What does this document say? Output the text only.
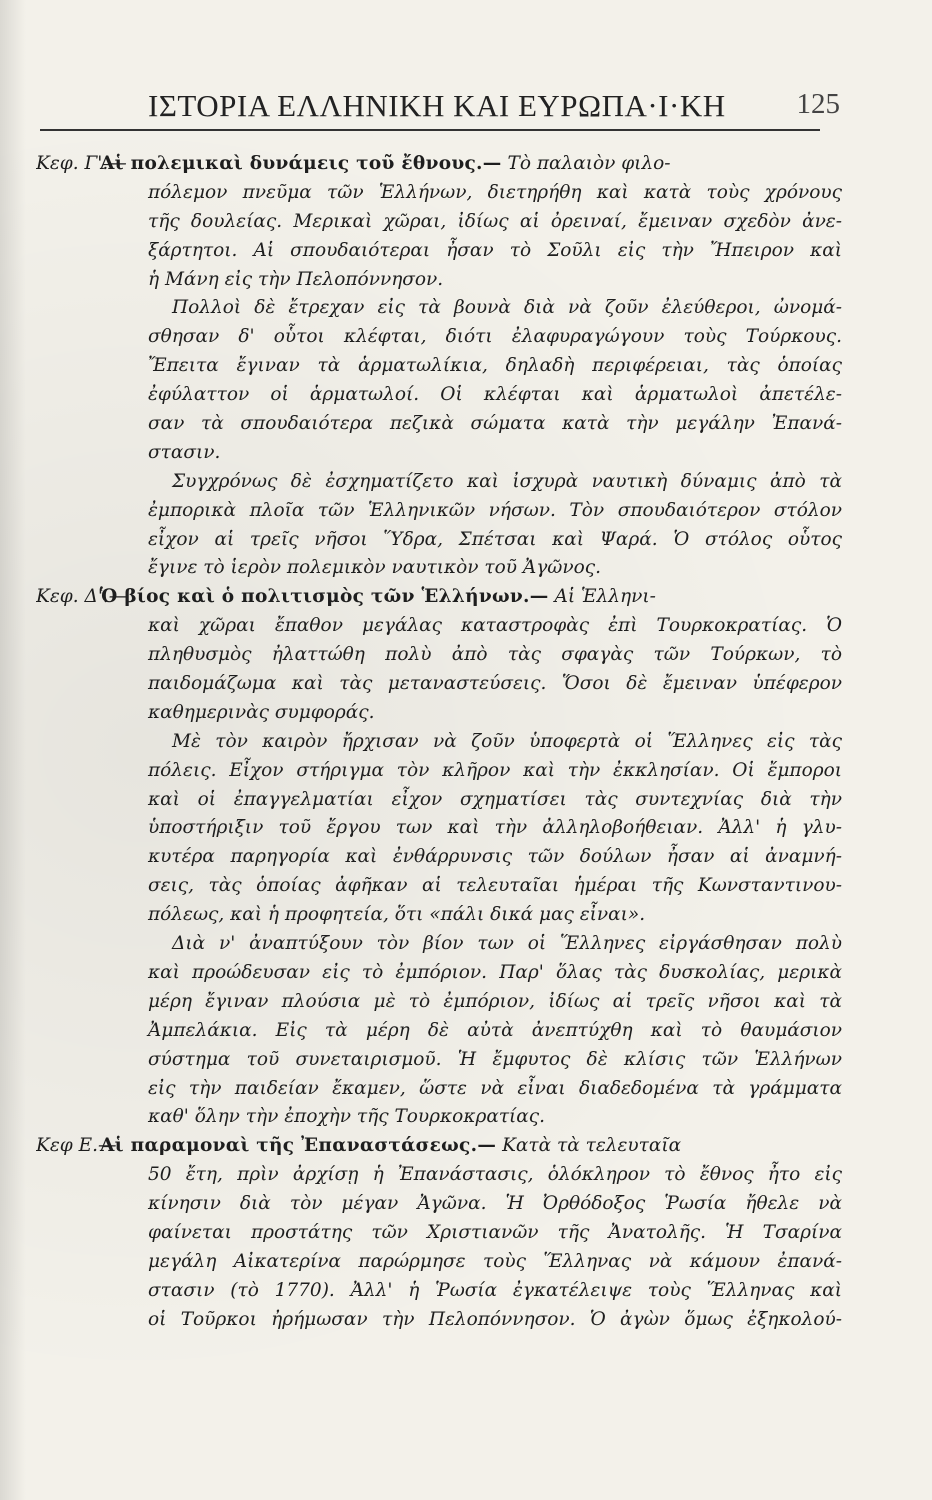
ΙΣΤΟΡΙΑ ΕΛΛΗΝΙΚΗ ΚΑΙ ΕΥΡΩΠΑ·Ι·ΚΗ 125
Κεφ. Γ'.—Αἱ πολεμικαὶ δυνάμεις τοῦ ἔθνους.— Τὸ παλαιὸν φιλο-
πόλεμον πνεῦμα τῶν Ἑλλήνων, διετηρήθη καὶ κατὰ τοὺς χρόνους
τῆς δουλείας. Μερικαὶ χῶραι, ἰδίως αἱ ὀρειναί, ἔμειναν σχεδὸν ἀνε-
ξάρτητοι. Αἱ σπουδαιότεραι ἦσαν τὸ Σοῦλι εἰς τὴν Ἤπειρον καὶ
ἡ Μάνη εἰς τὴν Πελοπόννησον.
Πολλοὶ δὲ ἔτρεχαν εἰς τὰ βουνὰ διὰ νὰ ζοῦν ἐλεύθεροι, ὠνομά-
σθησαν δ' οὗτοι κλέφται, διότι ἐλαφυραγώγουν τοὺς Τούρκους.
Ἔπειτα ἔγιναν τὰ ἁρματωλίκια, δηλαδὴ περιφέρειαι, τὰς ὁποίας
ἐφύλαττον οἱ ἁρματωλοί. Οἱ κλέφται καὶ ἁρματωλοὶ ἀπετέλε-
σαν τὰ σπουδαιότερα πεζικὰ σώματα κατὰ τὴν μεγάλην Ἐπανά-
στασιν.
Συγχρόνως δὲ ἐσχηματίζετο καὶ ἰσχυρὰ ναυτικὴ δύναμις ἀπὸ τὰ
ἐμπορικὰ πλοῖα τῶν Ἑλληνικῶν νήσων. Τὸν σπουδαιότερον στόλον
εἶχον αἱ τρεῖς νῆσοι Ὕδρα, Σπέτσαι καὶ Ψαρά. Ὁ στόλος οὗτος
ἔγινε τὸ ἱερὸν πολεμικὸν ναυτικὸν τοῦ Ἀγῶνος.
Κεφ. Δ'.—Ὁ βίος καὶ ὁ πολιτισμὸς τῶν Ἑλλήνων.— Αἱ Ἑλληνι-
καὶ χῶραι ἔπαθον μεγάλας καταστροφὰς ἐπὶ Τουρκοκρατίας. Ὁ
πληθυσμὸς ἠλαττώθη πολὺ ἀπὸ τὰς σφαγὰς τῶν Τούρκων, τὸ
παιδομάζωμα καὶ τὰς μεταναστεύσεις. Ὅσοι δὲ ἔμειναν ὑπέφερον
καθημερινὰς συμφοράς.
Μὲ τὸν καιρὸν ἤρχισαν νὰ ζοῦν ὑποφερτὰ οἱ Ἕλληνες εἰς τὰς
πόλεις. Εἶχον στήριγμα τὸν κλῆρον καὶ τὴν ἐκκλησίαν. Οἱ ἔμποροι
καὶ οἱ ἐπαγγελματίαι εἶχον σχηματίσει τὰς συντεχνίας διὰ τὴν
ὑποστήριξιν τοῦ ἔργου των καὶ τὴν ἀλληλοβοήθειαν. Ἀλλ' ἡ γλυ-
κυτέρα παρηγορία καὶ ἐνθάρρυνσις τῶν δούλων ἦσαν αἱ ἀναμνή-
σεις, τὰς ὁποίας ἀφῆκαν αἱ τελευταῖαι ἡμέραι τῆς Κωνσταντινου-
πόλεως, καὶ ἡ προφητεία, ὅτι «πάλι δικά μας εἶναι».
Διὰ ν' ἀναπτύξουν τὸν βίον των οἱ Ἕλληνες εἰργάσθησαν πολὺ
καὶ προώδευσαν εἰς τὸ ἐμπόριον. Παρ' ὅλας τὰς δυσκολίας, μερικὰ
μέρη ἔγιναν πλούσια μὲ τὸ ἐμπόριον, ἰδίως αἱ τρεῖς νῆσοι καὶ τὰ
Ἀμπελάκια. Εἰς τὰ μέρη δὲ αὐτὰ ἀνεπτύχθη καὶ τὸ θαυμάσιον
σύστημα τοῦ συνεταιρισμοῦ. Ἡ ἔμφυτος δὲ κλίσις τῶν Ἑλλήνων
εἰς τὴν παιδείαν ἔκαμεν, ὥστε νὰ εἶναι διαδεδομένα τὰ γράμματα
καθ' ὅλην τὴν ἐποχὴν τῆς Τουρκοκρατίας.
Κεφ Ε.—Αἱ παραμοναὶ τῆς Ἐπαναστάσεως.— Κατὰ τὰ τελευταῖα
50 ἔτη, πρὶν ἀρχίσῃ ἡ Ἐπανάστασις, ὁλόκληρον τὸ ἔθνος ἦτο εἰς
κίνησιν διὰ τὸν μέγαν Ἀγῶνα. Ἡ Ὀρθόδοξος Ῥωσία ἤθελε νὰ
φαίνεται προστάτης τῶν Χριστιανῶν τῆς Ἀνατολῆς. Ἡ Τσαρίνα
μεγάλη Αἰκατερίνα παρώρμησε τοὺς Ἕλληνας νὰ κάμουν ἐπανά-
στασιν (τὸ 1770). Ἀλλ' ἡ Ῥωσία ἐγκατέλειψε τοὺς Ἕλληνας καὶ
οἱ Τοῦρκοι ἠρήμωσαν τὴν Πελοπόννησον. Ὁ ἀγὼν ὅμως ἐξηκολού-
